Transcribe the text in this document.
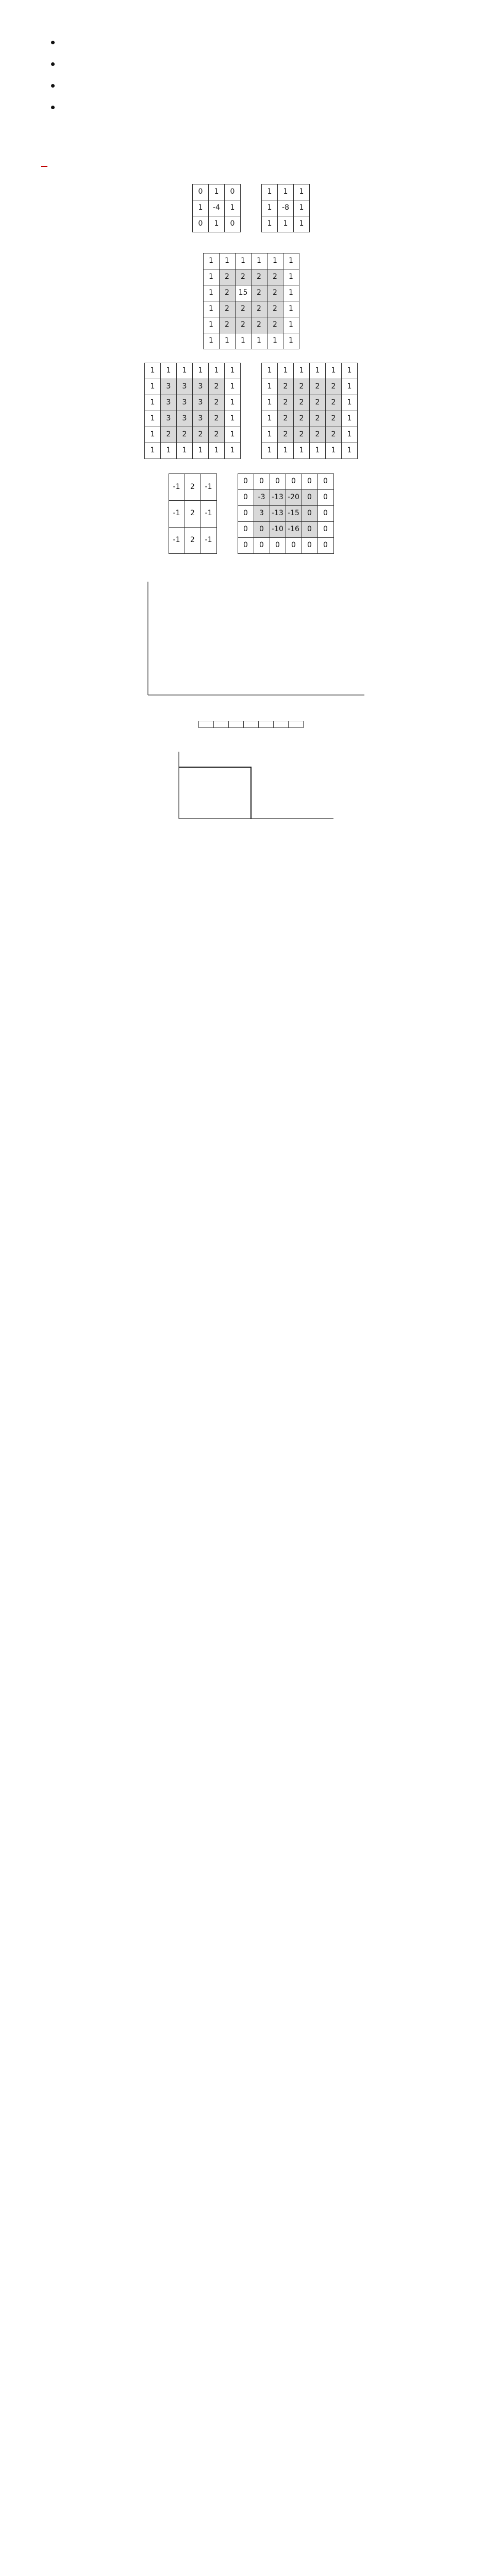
•
•
•
•

0	1	0
1	-4	1
0	1	0
1	1	1
1	-8	1
1	1	1

1	1	1	1	1	1
1	2	2	2	2	1
1	2	15	2	2	1
1	2	2	2	2	1
1	2	2	2	2	1
1	1	1	1	1	1
1	1	1	1	1	1
1	3	3	3	2	1
1	3	3	3	2	1
1	3	3	3	2	1
1	2	2	2	2	1
1	1	1	1	1	1
1	1	1	1	1	1
1	2	2	2	2	1
1	2	2	2	2	1
1	2	2	2	2	1
1	2	2	2	2	1
1	1	1	1	1	1

-1	2	-1
-1	2	-1
-1	2	-1
0	0	0	0	0	0
0	-3	-13	-20	0	0
0	3	-13	-15	0	0
0	0	-10	-16	0	0
0	0	0	0	0	0
